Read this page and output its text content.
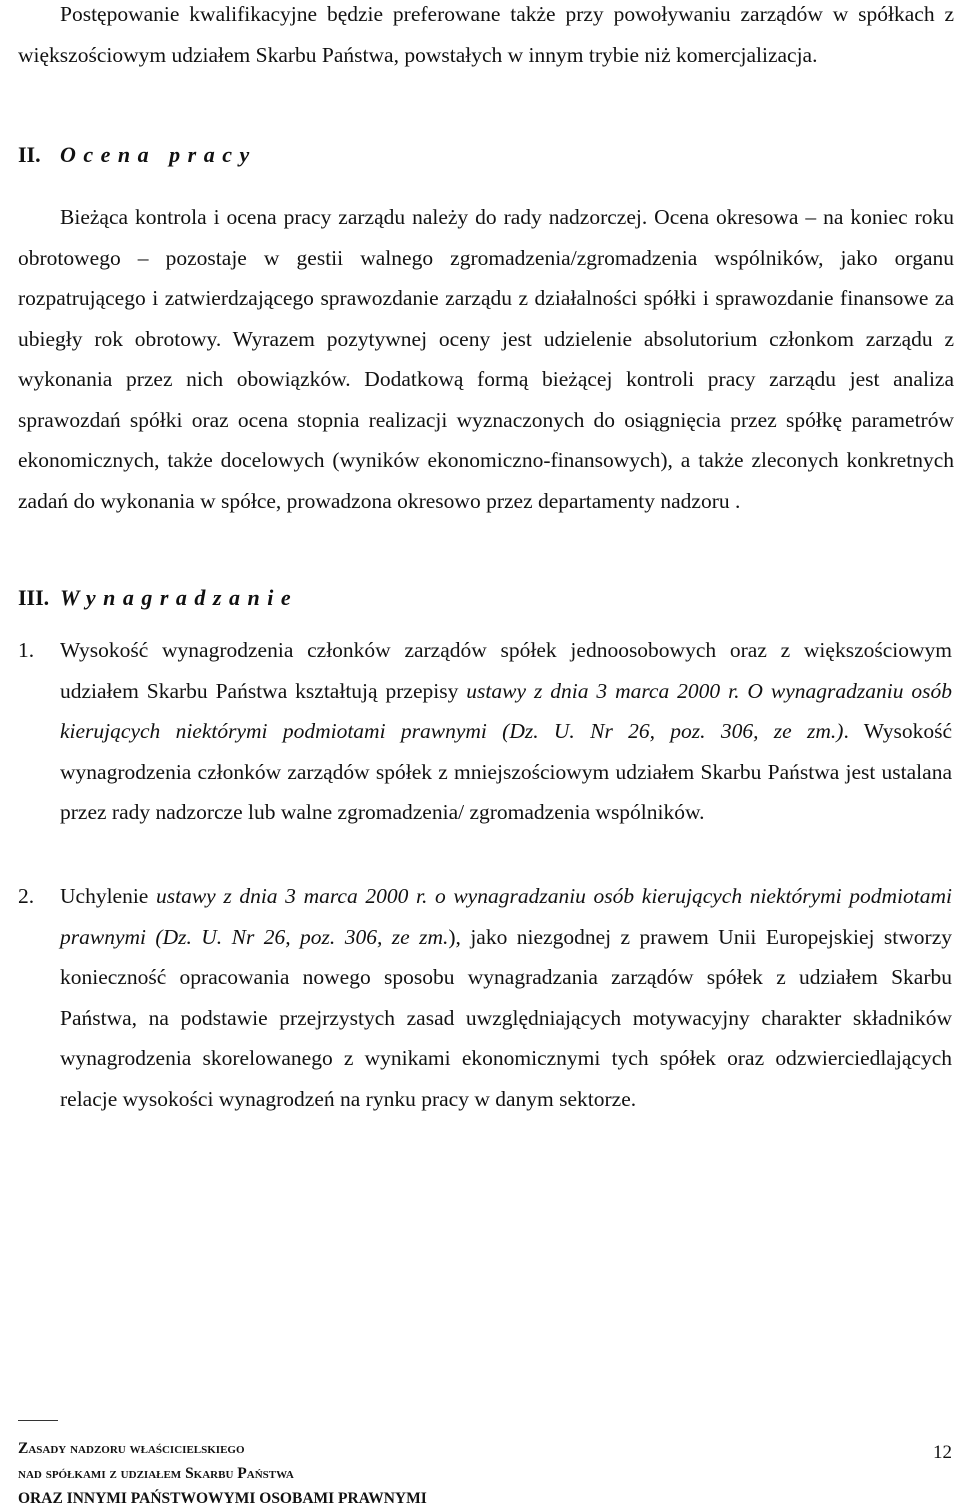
Postępowanie kwalifikacyjne będzie preferowane także przy powoływaniu zarządów w spółkach z większościowym udziałem Skarbu Państwa, powstałych w innym trybie niż komercjalizacja.
II. Ocena pracy
Bieżąca kontrola i ocena pracy zarządu należy do rady nadzorczej. Ocena okresowa – na koniec roku obrotowego – pozostaje w gestii walnego zgromadzenia/zgromadzenia wspólników, jako organu rozpatrującego i zatwierdzającego sprawozdanie zarządu z działalności spółki i sprawozdanie finansowe za ubiegły rok obrotowy. Wyrazem pozytywnej oceny jest udzielenie absolutorium członkom zarządu z wykonania przez nich obowiązków. Dodatkową formą bieżącej kontroli pracy zarządu jest analiza sprawozdań spółki oraz ocena stopnia realizacji wyznaczonych do osiągnięcia przez spółkę parametrów ekonomicznych, także docelowych (wyników ekonomiczno-finansowych), a także zleconych konkretnych zadań do wykonania w spółce, prowadzona okresowo przez departamenty nadzoru .
III. Wynagradzanie
1. Wysokość wynagrodzenia członków zarządów spółek jednoosobowych oraz z większościowym udziałem Skarbu Państwa kształtują przepisy ustawy z dnia 3 marca 2000 r. O wynagradzaniu osób kierujących niektórymi podmiotami prawnymi (Dz. U. Nr 26, poz. 306, ze zm.). Wysokość wynagrodzenia członków zarządów spółek z mniejszościowym udziałem Skarbu Państwa jest ustalana przez rady nadzorcze lub walne zgromadzenia/ zgromadzenia wspólników.
2. Uchylenie ustawy z dnia 3 marca 2000 r. o wynagradzaniu osób kierujących niektórymi podmiotami prawnymi (Dz. U. Nr 26, poz. 306, ze zm.), jako niezgodnej z prawem Unii Europejskiej stworzy konieczność opracowania nowego sposobu wynagradzania zarządów spółek z udziałem Skarbu Państwa, na podstawie przejrzystych zasad uwzględniających motywacyjny charakter składników wynagrodzenia skorelowanego z wynikami ekonomicznymi tych spółek oraz odzwierciedlających relacje wysokości wynagrodzeń na rynku pracy w danym sektorze.
Zasady nadzoru właścicielskiego
nad spółkami z udziałem Skarbu Państwa
ORAZ INNYMI PAŃSTWOWYMI OSOBAMI PRAWNYMI
12
